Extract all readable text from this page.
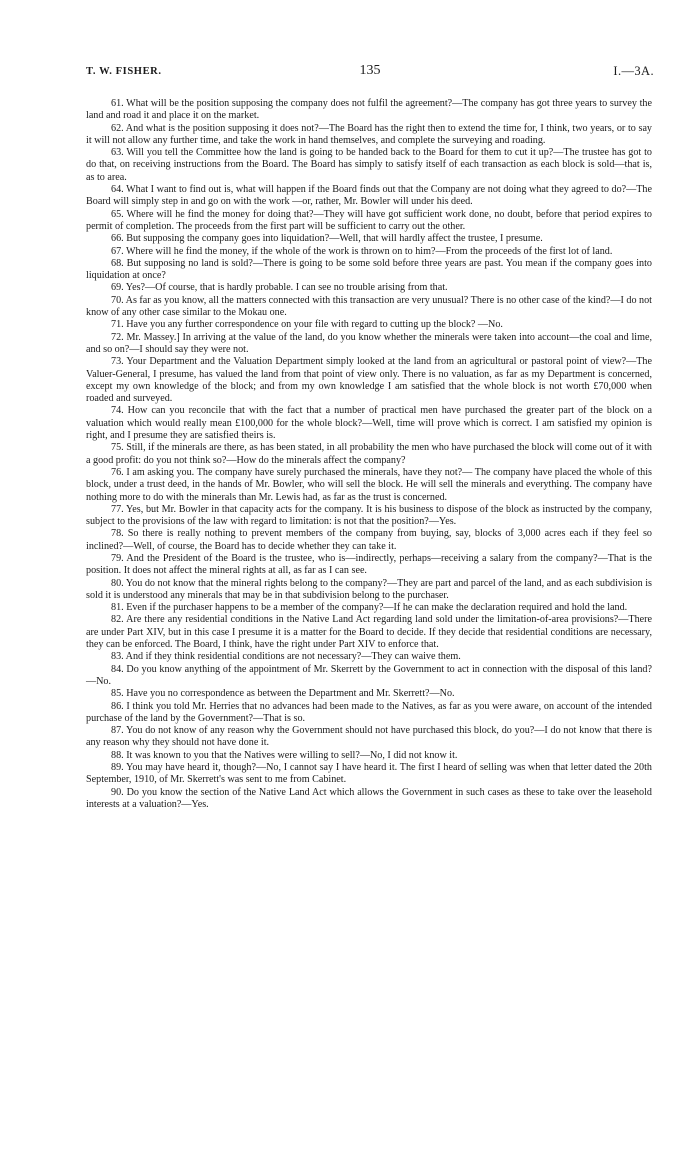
T. W. FISHER.	135	I.—3A.

61. What will be the position supposing the company does not fulfil the agreement?—The company has got three years to survey the land and road it and place it on the market.

62. And what is the position supposing it does not?—The Board has the right then to extend the time for, I think, two years, or to say it will not allow any further time, and take the work in hand themselves, and complete the surveying and roading.

63. Will you tell the Committee how the land is going to be handed back to the Board for them to cut it up?—The trustee has got to do that, on receiving instructions from the Board. The Board has simply to satisfy itself of each transaction as each block is sold—that is, as to area.

64. What I want to find out is, what will happen if the Board finds out that the Company are not doing what they agreed to do?—The Board will simply step in and go on with the work —or, rather, Mr. Bowler will under his deed.

65. Where will he find the money for doing that?—They will have got sufficient work done, no doubt, before that period expires to permit of completion. The proceeds from the first part will be sufficient to carry out the other.

66. But supposing the company goes into liquidation?—Well, that will hardly affect the trustee, I presume.

67. Where will he find the money, if the whole of the work is thrown on to him?—From the proceeds of the first lot of land.

68. But supposing no land is sold?—There is going to be some sold before three years are past. You mean if the company goes into liquidation at once?

69. Yes?—Of course, that is hardly probable. I can see no trouble arising from that.

70. As far as you know, all the matters connected with this transaction are very unusual? There is no other case of the kind?—I do not know of any other case similar to the Mokau one.

71. Have you any further correspondence on your file with regard to cutting up the block? —No.

72. Mr. Massey.] In arriving at the value of the land, do you know whether the minerals were taken into account—the coal and lime, and so on?—I should say they were not.

73. Your Department and the Valuation Department simply looked at the land from an agricultural or pastoral point of view?—The Valuer-General, I presume, has valued the land from that point of view only. There is no valuation, as far as my Department is concerned, except my own knowledge of the block; and from my own knowledge I am satisfied that the whole block is not worth £70,000 when roaded and surveyed.

74. How can you reconcile that with the fact that a number of practical men have purchased the greater part of the block on a valuation which would really mean £100,000 for the whole block?—Well, time will prove which is correct. I am satisfied my opinion is right, and I presume they are satisfied theirs is.

75. Still, if the minerals are there, as has been stated, in all probability the men who have purchased the block will come out of it with a good profit: do you not think so?—How do the minerals affect the company?

76. I am asking you. The company have surely purchased the minerals, have they not?— The company have placed the whole of this block, under a trust deed, in the hands of Mr. Bowler, who will sell the block. He will sell the minerals and everything. The company have nothing more to do with the minerals than Mr. Lewis had, as far as the trust is concerned.

77. Yes, but Mr. Bowler in that capacity acts for the company. It is his business to dispose of the block as instructed by the company, subject to the provisions of the law with regard to limitation: is not that the position?—Yes.

78. So there is really nothing to prevent members of the company from buying, say, blocks of 3,000 acres each if they feel so inclined?—Well, of course, the Board has to decide whether they can take it.

79. And the President of the Board is the trustee, who is—indirectly, perhaps—receiving a salary from the company?—That is the position. It does not affect the mineral rights at all, as far as I can see.

80. You do not know that the mineral rights belong to the company?—They are part and parcel of the land, and as each subdivision is sold it is understood any minerals that may be in that subdivision belong to the purchaser.

81. Even if the purchaser happens to be a member of the company?—If he can make the declaration required and hold the land.

82. Are there any residential conditions in the Native Land Act regarding land sold under the limitation-of-area provisions?—There are under Part XIV, but in this case I presume it is a matter for the Board to decide. If they decide that residential conditions are necessary, they can be enforced. The Board, I think, have the right under Part XIV to enforce that.

83. And if they think residential conditions are not necessary?—They can waive them.

84. Do you know anything of the appointment of Mr. Skerrett by the Government to act in connection with the disposal of this land?—No.

85. Have you no correspondence as between the Department and Mr. Skerrett?—No.

86. I think you told Mr. Herries that no advances had been made to the Natives, as far as you were aware, on account of the intended purchase of the land by the Government?—That is so.

87. You do not know of any reason why the Government should not have purchased this block, do you?—I do not know that there is any reason why they should not have done it.

88. It was known to you that the Natives were willing to sell?—No, I did not know it.

89. You may have heard it, though?—No, I cannot say I have heard it. The first I heard of selling was when that letter dated the 20th September, 1910, of Mr. Skerrett's was sent to me from Cabinet.

90. Do you know the section of the Native Land Act which allows the Government in such cases as these to take over the leasehold interests at a valuation?—Yes.
